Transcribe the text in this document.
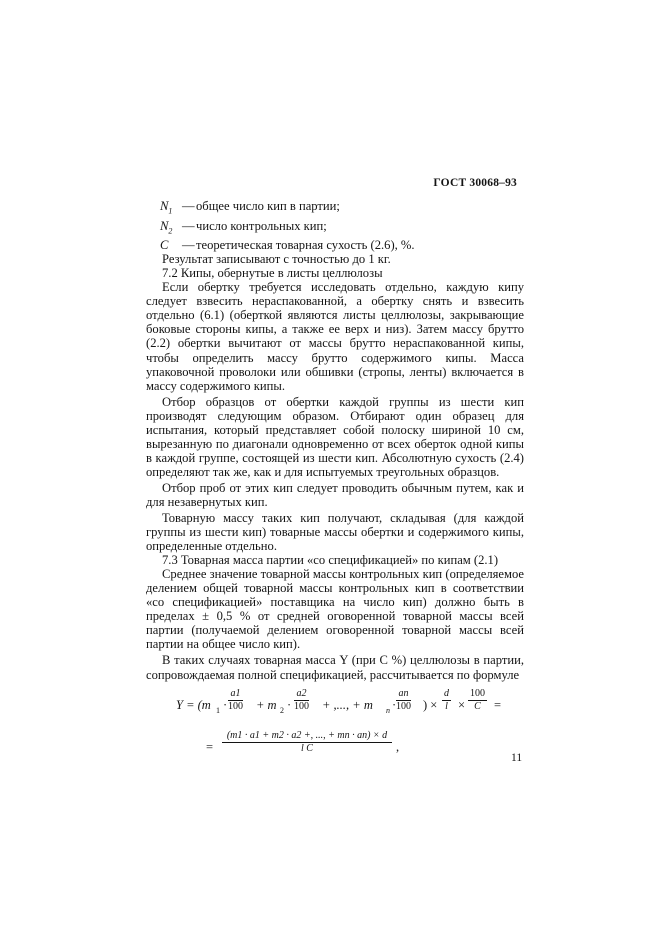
ГОСТ 30068–93
$N_1$ — общее число кип в партии;
$N_2$ — число контрольных кип;
C	— теоретическая товарная сухость (2.6), %.

Результат записывают с точностью до 1 кг.

7.2 Кипы, обернутые в листы целлюлозы

Если обертку требуется исследовать отдельно, каждую кипу следует взвесить нераспакованной, а обертку снять и взвесить отдельно (6.1) (оберткой являются листы целлюлозы, закрывающие боковые стороны кипы, а также ее верх и низ). Затем массу брутто (2.2) обертки вычитают от массы брутто нераспакованной кипы, чтобы определить массу брутто содержимого кипы. Масса упаковочной проволоки или обшивки (стропы, ленты) включается в массу содержимого кипы.

Отбор образцов от обертки каждой группы из шести кип производят следующим образом. Отбирают один образец для испытания, который представляет собой полоску шириной 10 см, вырезанную по диагонали одновременно от всех оберток одной кипы в каждой группе, состоящей из шести кип. Абсолютную сухость (2.4) определяют так же, как и для испытуемых треугольных образцов.

Отбор проб от этих кип следует проводить обычным путем, как и для незавернутых кип.

Товарную массу таких кип получают, складывая (для каждой группы из шести кип) товарные массы обертки и содержимого кипы, определенные отдельно.

7.3 Товарная масса партии «со спецификацией» по кипам (2.1)

Среднее значение товарной массы контрольных кип (определяемое делением общей товарной массы контрольных кип в соответствии «со спецификацией» поставщика на число кип) должно быть в пределах ± 0,5 % от средней оговоренной товарной массы всей партии (получаемой делением оговоренной товарной массы всей партии на общее число кип).

В таких случаях товарная масса Y (при C %) целлюлозы в партии, сопровождаемая полной спецификацией, рассчитывается по формуле

Y = (m $1 \cdot \frac{a1}{100} + m$ $2 \cdot \frac{a2}{100}$ + ,..., + m $n \cdot \frac{an}{100}$ ) × $\frac{d}{l} \times \frac{100}{C}$ =
= $\frac{(m1 \cdot a1 + m2 \cdot a2 +, ..., + mn \cdot an) \times d}{\text{l C}}$ ,
11
